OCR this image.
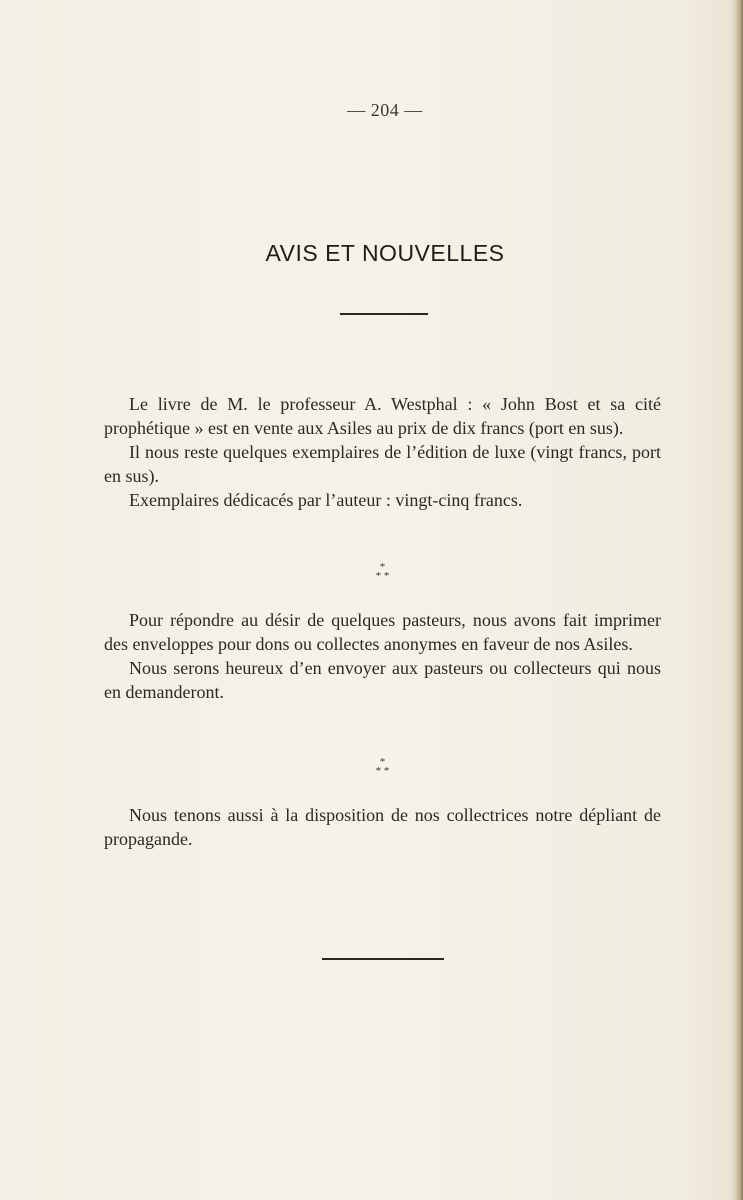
— 204 —
AVIS ET NOUVELLES

Le livre de M. le professeur A. Westphal : « John Bost et sa cité prophétique » est en vente aux Asiles au prix de dix francs (port en sus).

Il nous reste quelques exemplaires de l’édition de luxe (vingt francs, port en sus).

Exemplaires dédicacés par l’auteur : vingt-cinq francs.

*
* *

Pour répondre au désir de quelques pasteurs, nous avons fait imprimer des enveloppes pour dons ou collectes anonymes en faveur de nos Asiles.

Nous serons heureux d’en envoyer aux pasteurs ou collecteurs qui nous en demanderont.

*
* *

Nous tenons aussi à la disposition de nos collectrices notre dépliant de propagande.
